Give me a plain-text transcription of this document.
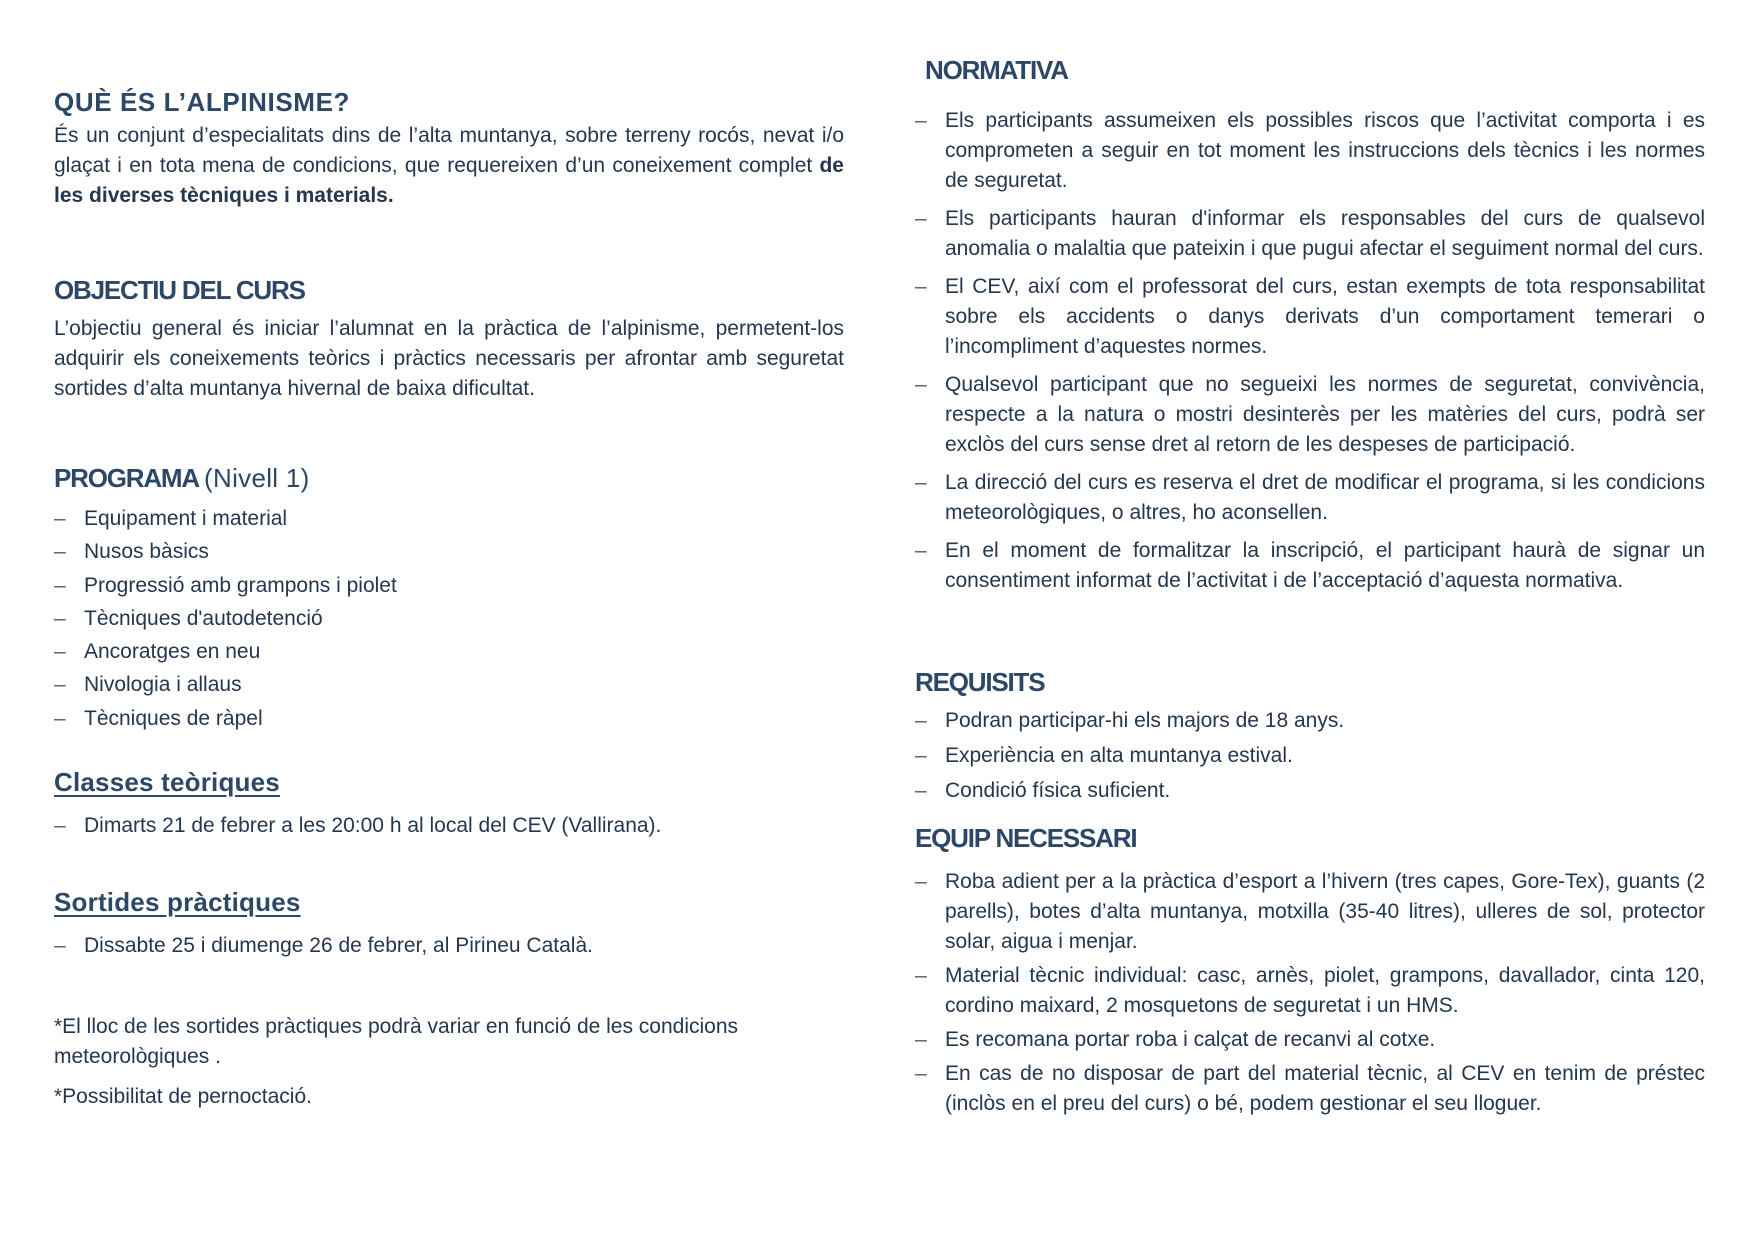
QUÈ ÉS L’ALPINISME?

És un conjunt d’especialitats dins de l’alta muntanya, sobre terreny rocós, nevat i/o glaçat i en tota mena de condicions, que requereixen d’un coneixement complet de les diverses tècniques i materials.

OBJECTIU DEL CURS

L’objectiu general és iniciar l’alumnat en la pràctica de l’alpinisme, permetent-los adquirir els coneixements teòrics i pràctics necessaris per afrontar amb seguretat sortides d’alta muntanya hivernal de baixa dificultat.

PROGRAMA (Nivell 1)
– Equipament i material
– Nusos bàsics
– Progressió amb grampons i piolet
– Tècniques d'autodetenció
– Ancoratges en neu
– Nivologia i allaus
– Tècniques de ràpel
Classes teòriques
– Dimarts 21 de febrer a les 20:00 h al local del CEV (Vallirana).
Sortides pràctiques
– Dissabte 25 i diumenge 26 de febrer, al Pirineu Català.

*El lloc de les sortides pràctiques podrà variar en funció de les condicions meteorològiques .

*Possibilitat de pernoctació.

NORMATIVA
– Els participants assumeixen els possibles riscos que l’activitat comporta i es comprometen a seguir en tot moment les instruccions dels tècnics i les normes de seguretat.
– Els participants hauran d'informar els responsables del curs de qualsevol anomalia o malaltia que pateixin i que pugui afectar el seguiment normal del curs.
– El CEV, així com el professorat del curs, estan exempts de tota responsabilitat sobre els accidents o danys derivats d’un comportament temerari o l’incompliment d’aquestes normes.
– Qualsevol participant que no segueixi les normes de seguretat, convivència, respecte a la natura o mostri desinterès per les matèries del curs, podrà ser exclòs del curs sense dret al retorn de les despeses de participació.
– La direcció del curs es reserva el dret de modificar el programa, si les condicions meteorològiques, o altres, ho aconsellen.
– En el moment de formalitzar la inscripció, el participant haurà de signar un consentiment informat de l’activitat i de l’acceptació d’aquesta normativa.
REQUISITS
– Podran participar-hi els majors de 18 anys.
– Experiència en alta muntanya estival.
– Condició física suficient.
EQUIP NECESSARI
– Roba adient per a la pràctica d’esport a l’hivern (tres capes, Gore-Tex), guants (2 parells), botes d’alta muntanya, motxilla (35-40 litres), ulleres de sol, protector solar, aigua i menjar.
– Material tècnic individual: casc, arnès, piolet, grampons, davallador, cinta 120, cordino maixard, 2 mosquetons de seguretat i un HMS.
– Es recomana portar roba i calçat de recanvi al cotxe.
– En cas de no disposar de part del material tècnic, al CEV en tenim de préstec (inclòs en el preu del curs) o bé, podem gestionar el seu lloguer.
